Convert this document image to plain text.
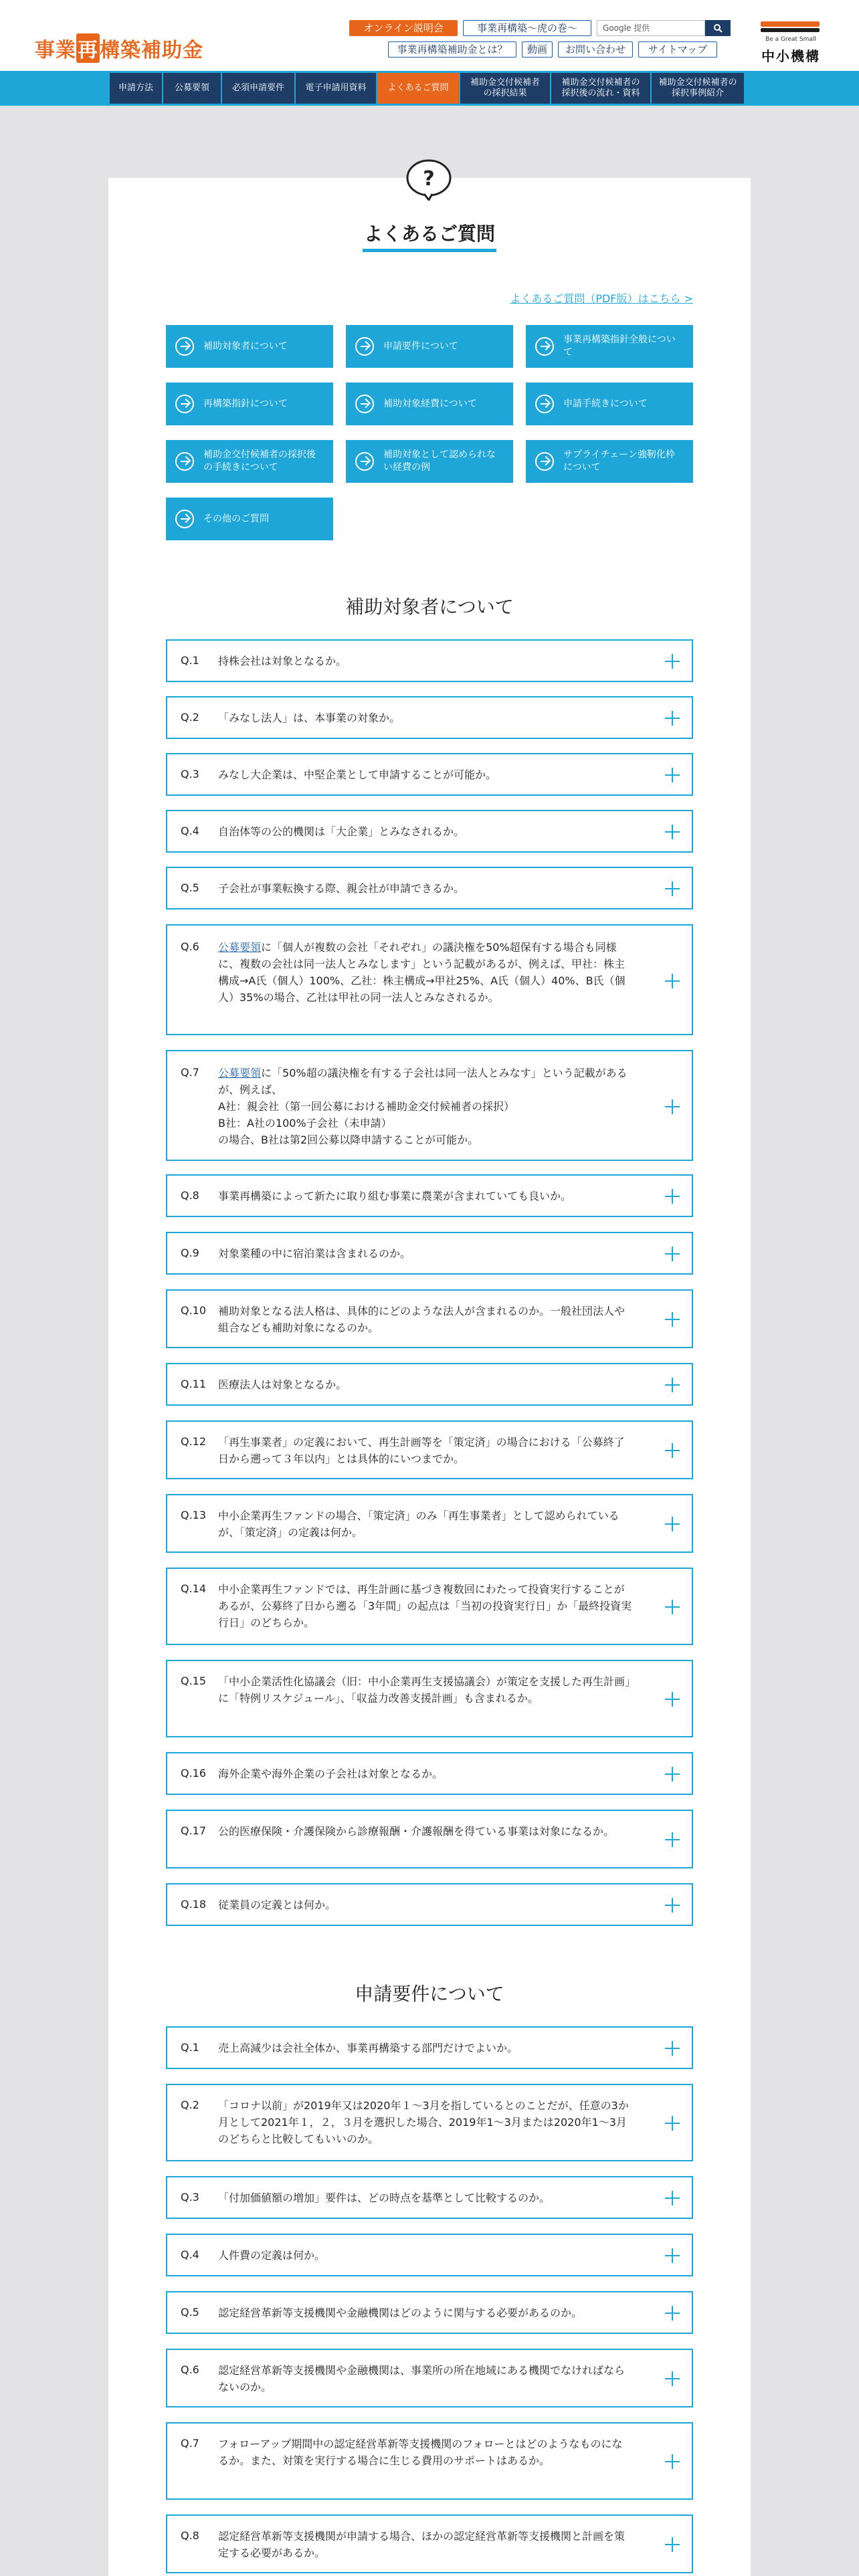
事業再構築補助金
オンライン説明会	事業再構築〜虎の巻〜	Google 提供
事業再構築補助金とは？	動画	お問い合わせ	サイトマップ
Be a Great Small
中小機構
申請方法	公募要領	必須申請要件	電子申請用資料	よくあるご質問
補助金交付候補者
の採択結果
補助金交付候補者の
採択後の流れ・資料
補助金交付候補者の
採択事例紹介
?
よくあるご質問
よくあるご質問（PDF版）はこちら >
補助対象者について	申請要件について
事業再構築指針全般について
再構築指針について	補助対象経費について	申請手続きについて
補助金交付候補者の採択後の手続きについて
補助対象として認められない経費の例
サプライチェーン強靭化枠について
その他のご質問
補助対象者について
Q.1 持株会社は対象となるか。
Q.2 「みなし法人」は、本事業の対象か。
Q.3 みなし大企業は、中堅企業として申請することが可能か。
Q.4 自治体等の公的機関は「大企業」とみなされるか。
Q.5 子会社が事業転換する際、親会社が申請できるか。
Q.6 公募要領に「個人が複数の会社「それぞれ」の議決権を50%超保有する場合も同様に、複数の会社は同一法人とみなします」という記載があるが、例えば、甲社：株主構成→A氏（個人）100%、乙社：株主構成→甲社25%、A氏（個人）40%、B氏（個人）35%の場合、乙社は甲社の同一法人とみなされるか。
Q.7 公募要領に「50%超の議決権を有する子会社は同一法人とみなす」という記載があるが、例えば、
A社：親会社（第一回公募における補助金交付候補者の採択）
B社：A社の100%子会社（未申請）
の場合、B社は第2回公募以降申請することが可能か。
Q.8 事業再構築によって新たに取り組む事業に農業が含まれていても良いか。
Q.9 対象業種の中に宿泊業は含まれるのか。
Q.10 補助対象となる法人格は、具体的にどのような法人が含まれるのか。一般社団法人や組合なども補助対象になるのか。
Q.11 医療法人は対象となるか。
Q.12 「再生事業者」の定義において、再生計画等を「策定済」の場合における「公募終了日から遡って３年以内」とは具体的にいつまでか。
Q.13 中小企業再生ファンドの場合、「策定済」のみ「再生事業者」として認められているが、「策定済」の定義は何か。
Q.14 中小企業再生ファンドでは、再生計画に基づき複数回にわたって投資実行することがあるが、公募終了日から遡る「3年間」の起点は「当初の投資実行日」か「最終投資実行日」のどちらか。
Q.15 「中小企業活性化協議会（旧：中小企業再生支援協議会）が策定を支援した再生計画」に「特例リスケジュール」、「収益力改善支援計画」も含まれるか。
Q.16 海外企業や海外企業の子会社は対象となるか。
Q.17 公的医療保険・介護保険から診療報酬・介護報酬を得ている事業は対象になるか。
Q.18 従業員の定義とは何か。
申請要件について
Q.1 売上高減少は会社全体か、事業再構築する部門だけでよいか。
Q.2 「コロナ以前」が2019年又は2020年１〜3月を指しているとのことだが、任意の3か月として2021年１，２，３月を選択した場合、2019年1〜3月または2020年1〜3月のどちらと比較してもいいのか。
Q.3 「付加価値額の増加」要件は、どの時点を基準として比較するのか。
Q.4 人件費の定義は何か。
Q.5 認定経営革新等支援機関や金融機関はどのように関与する必要があるのか。
Q.6 認定経営革新等支援機関や金融機関は、事業所の所在地域にある機関でなければならないのか。
Q.7 フォローアップ期間中の認定経営革新等支援機関のフォローとはどのようなものになるか。また、対策を実行する場合に生じる費用のサポートはあるか。
Q.8 認定経営革新等支援機関が申請する場合、ほかの認定経営革新等支援機関と計画を策定する必要があるか。
